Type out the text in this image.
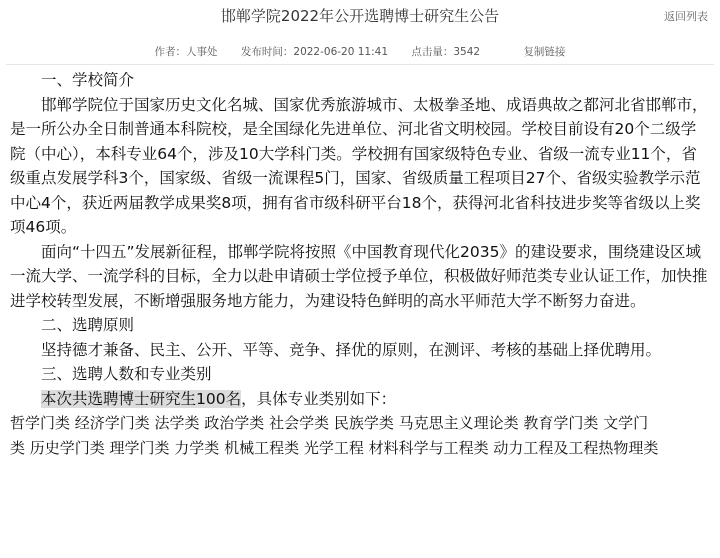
邯郸学院2022年公开选聘博士研究生公告	返回列表
作者：人事处 发布时间：2022-06-20 11:41 点击量：3542	复制链接

一、学校简介

邯郸学院位于国家历史文化名城、国家优秀旅游城市、太极拳圣地、成语典故之都河北省邯郸市，是一所公办全日制普通本科院校，是全国绿化先进单位、河北省文明校园。学校目前设有20个二级学院（中心），本科专业64个，涉及10大学科门类。学校拥有国家级特色专业、省级一流专业11个，省级重点发展学科3个，国家级、省级一流课程5门，国家、省级质量工程项目27个、省级实验教学示范中心4个，获近两届教学成果奖8项，拥有省市级科研平台18个，获得河北省科技进步奖等省级以上奖项46项。

面向“十四五”发展新征程，邯郸学院将按照《中国教育现代化2035》的建设要求，围绕建设区域一流大学、一流学科的目标，全力以赴申请硕士学位授予单位，积极做好师范类专业认证工作，加快推进学校转型发展，不断增强服务地方能力，为建设特色鲜明的高水平师范大学不断努力奋进。

二、选聘原则

坚持德才兼备、民主、公开、平等、竞争、择优的原则，在测评、考核的基础上择优聘用。

三、选聘人数和专业类别

本次共选聘博士研究生100名，具体专业类别如下：

哲学门类 经济学门类 法学类 政治学类 社会学类 民族学类 马克思主义理论类 教育学门类 文学门

类 历史学门类 理学门类 力学类 机械工程类 光学工程 材料科学与工程类 动力工程及工程热物理类
